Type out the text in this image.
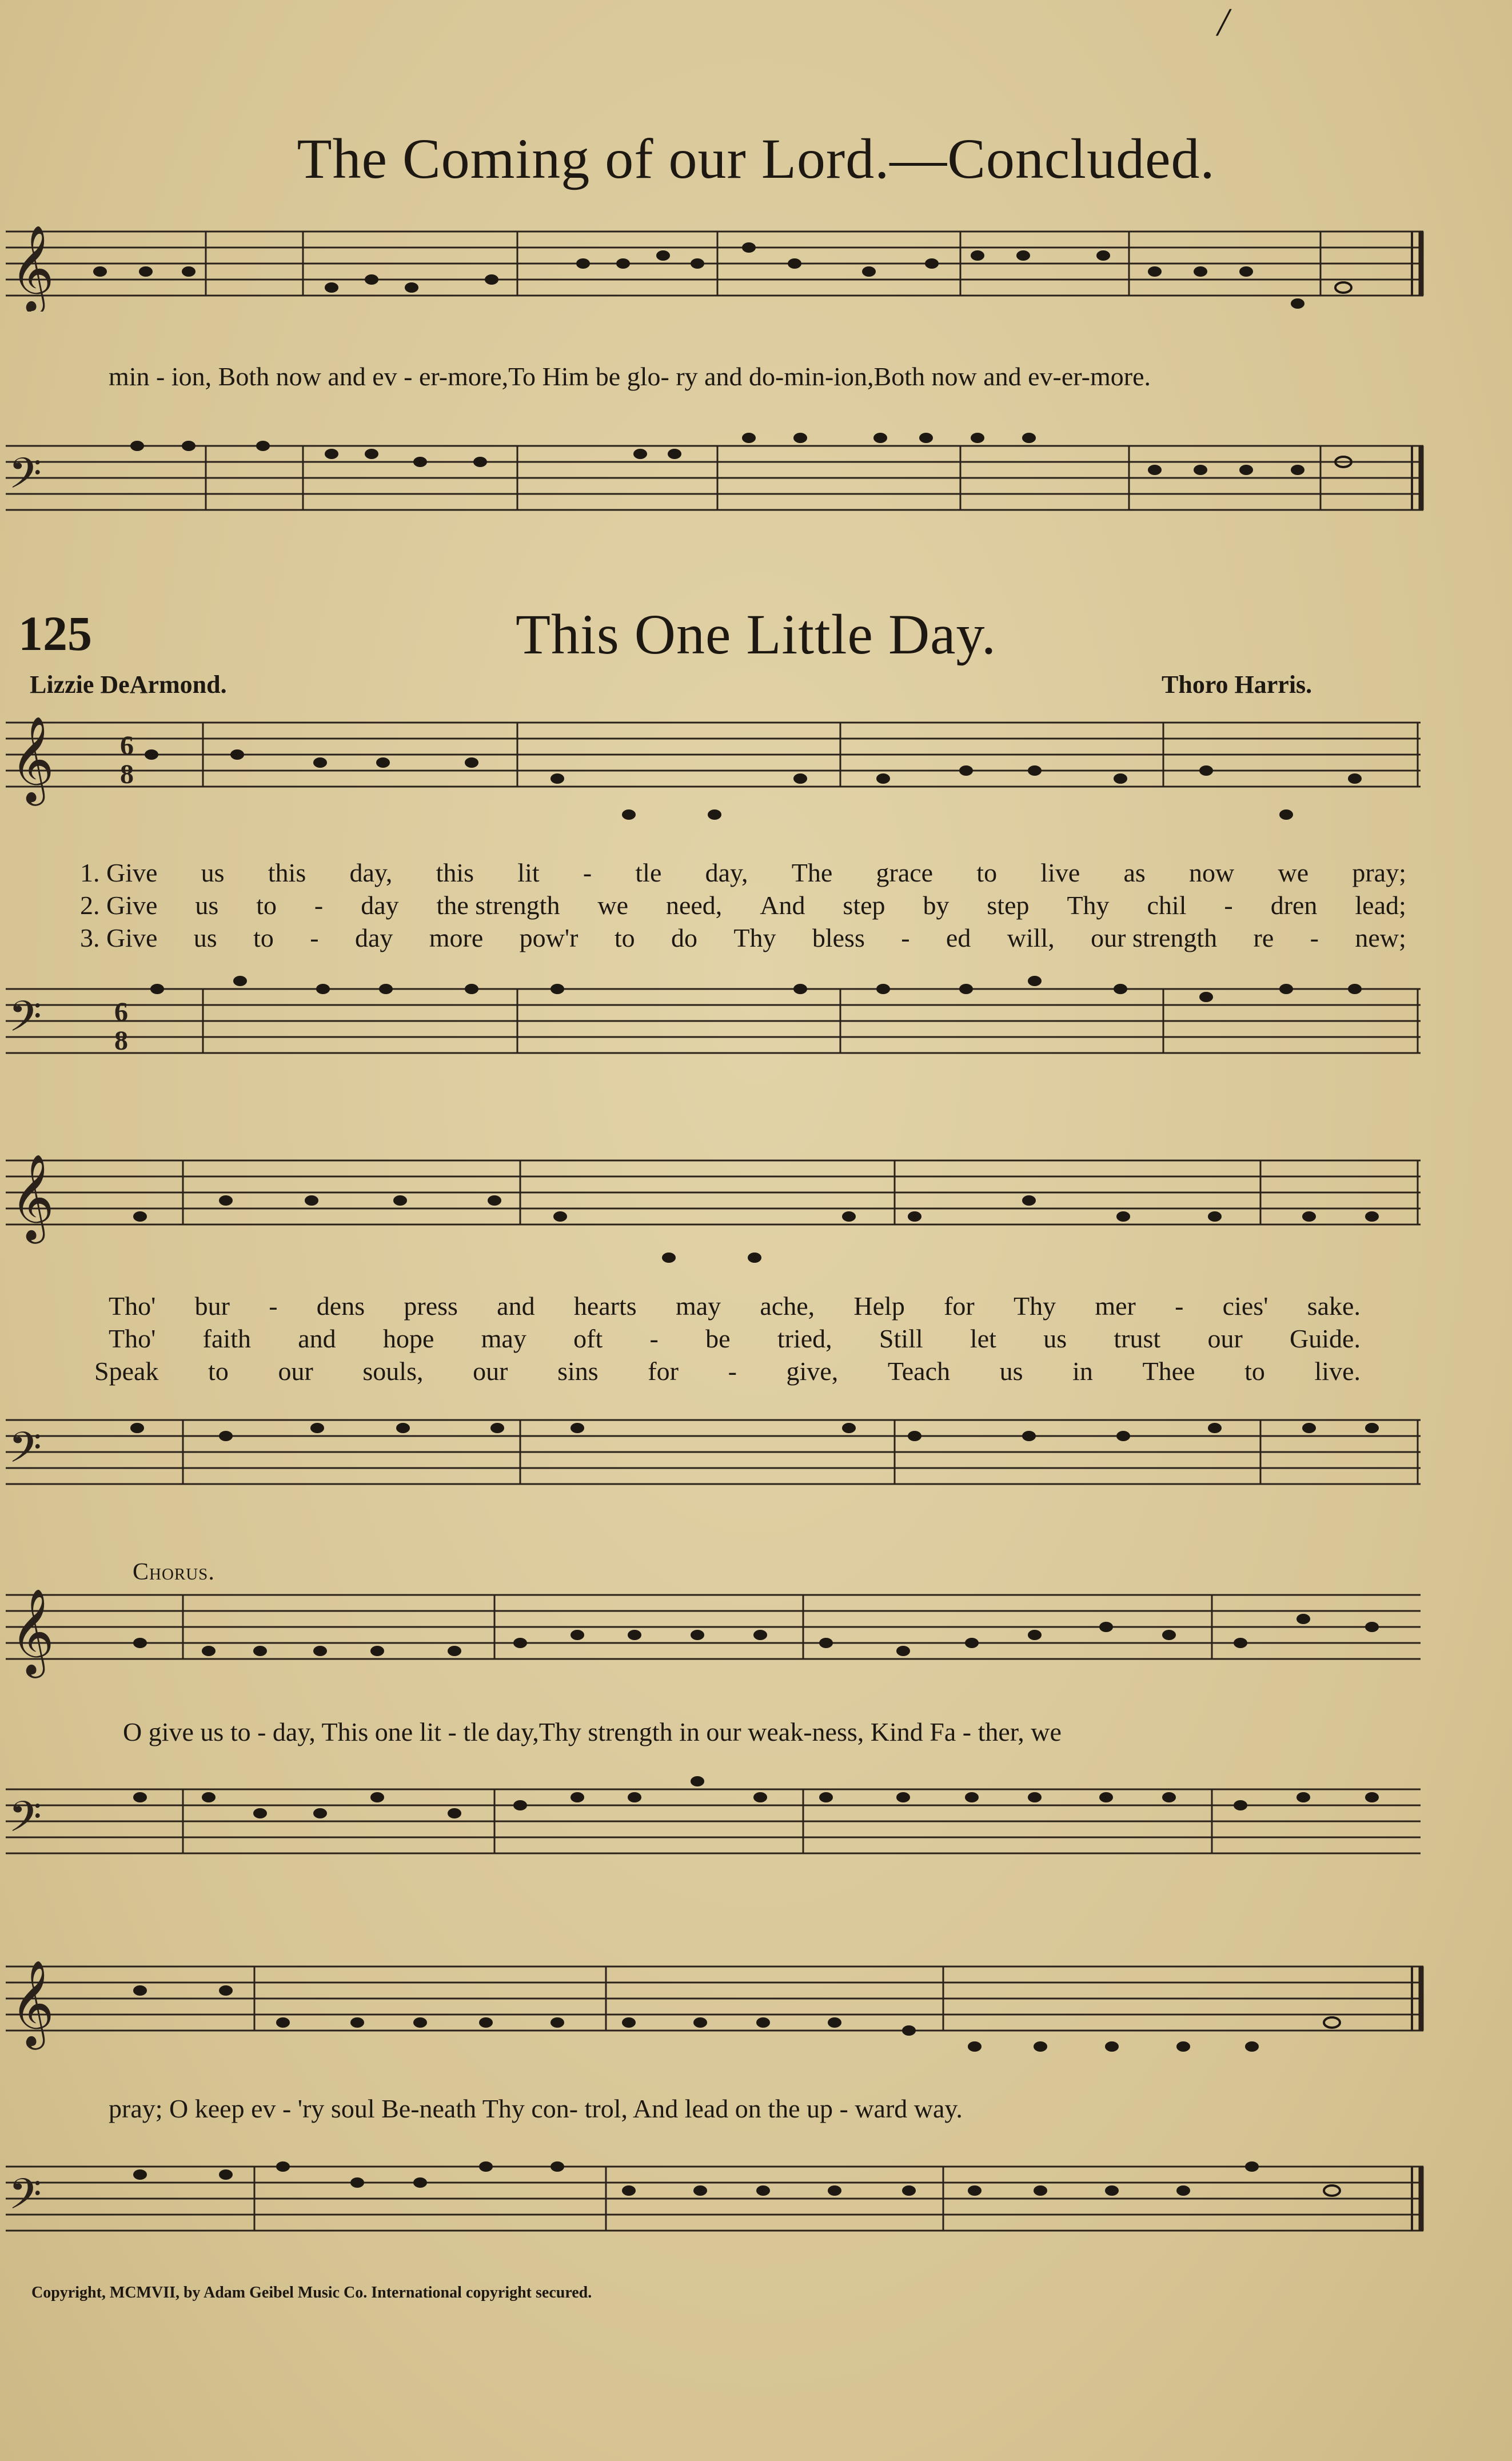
/
The Coming of our Lord.—Concluded.
𝄞
min - ion, Both now and ev - er-more,To Him be glo- ry and do-min-ion,Both now and ev-er-more.
𝄢
125	This One Little Day.
Lizzie DeArmond.	Thoro Harris.
𝄞 6
8
1. Give us this day, this lit - tle day, The grace to live as now we pray;
2. Give us to - day the strength we need, And step by step Thy chil - dren lead;
3. Give us to - day more pow'r to do Thy bless - ed will, our strength re - new;
𝄢	6
8
𝄞
Tho' bur - dens press and hearts may ache, Help for Thy mer - cies' sake.
Tho' faith and hope may oft - be tried, Still let us trust our Guide.
Speak to our souls, our sins for - give, Teach us in Thee to live.
𝄢
Chorus.
𝄞
O give us to - day, This one lit - tle day,Thy strength in our weak-ness, Kind Fa - ther, we
𝄢
𝄞
pray; O keep ev - 'ry soul Be-neath Thy con- trol, And lead on the up - ward way.
𝄢
Copyright, MCMVII, by Adam Geibel Music Co. International copyright secured.
